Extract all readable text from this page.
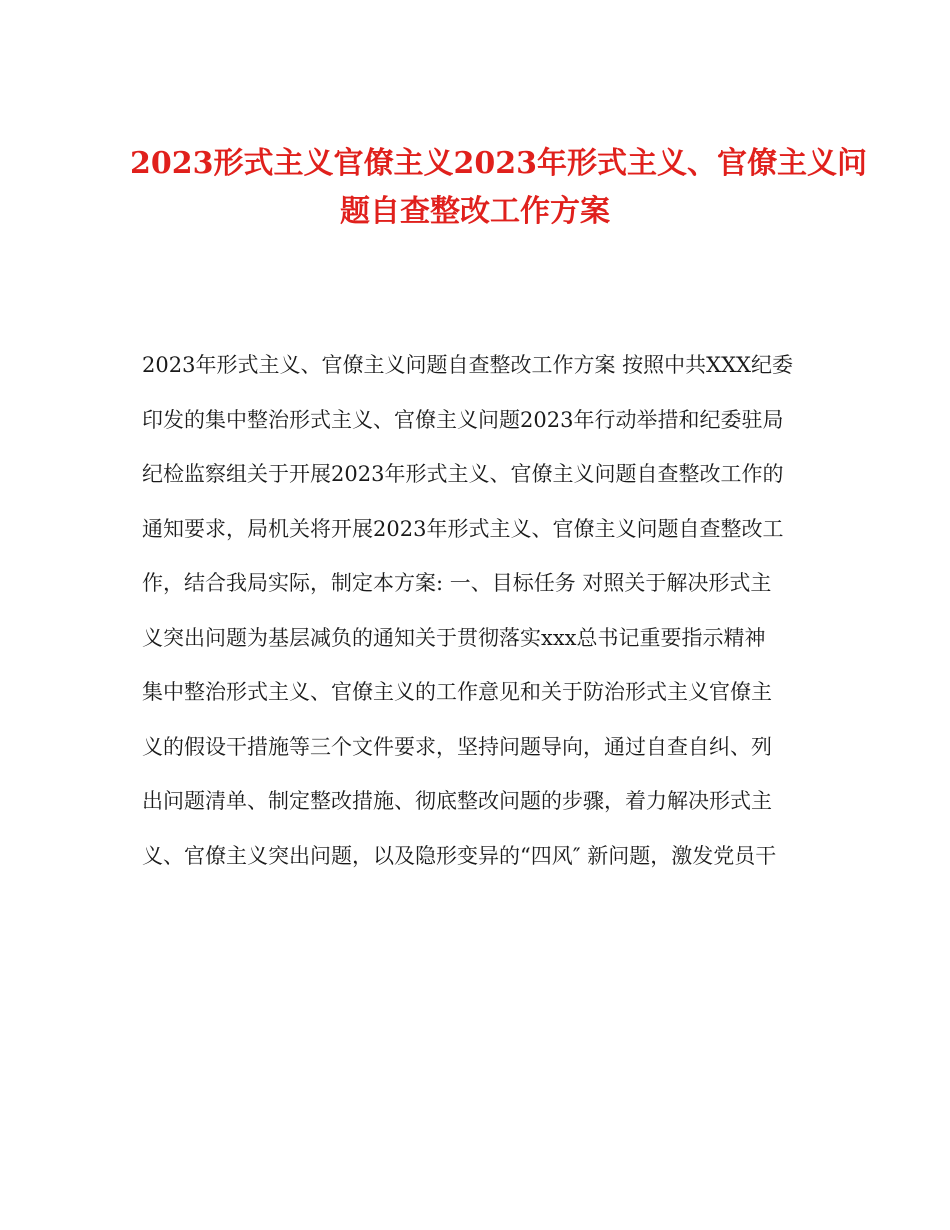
2023形式主义官僚主义2023年形式主义、官僚主义问
题自查整改工作方案
2023年形式主义、官僚主义问题自查整改工作方案 按照中共XXX纪委
印发的集中整治形式主义、官僚主义问题2023年行动举措和纪委驻局
纪检监察组关于开展2023年形式主义、官僚主义问题自查整改工作的
通知要求，局机关将开展2023年形式主义、官僚主义问题自查整改工
作，结合我局实际，制定本方案: 一、目标任务 对照关于解决形式主
义突出问题为基层减负的通知关于贯彻落实xxx总书记重要指示精神
集中整治形式主义、官僚主义的工作意见和关于防治形式主义官僚主
义的假设干措施等三个文件要求，坚持问题导向，通过自查自纠、列
出问题清单、制定整改措施、彻底整改问题的步骤，着力解决形式主
义、官僚主义突出问题，以及隐形变异的“四风″ 新问题，激发党员干
